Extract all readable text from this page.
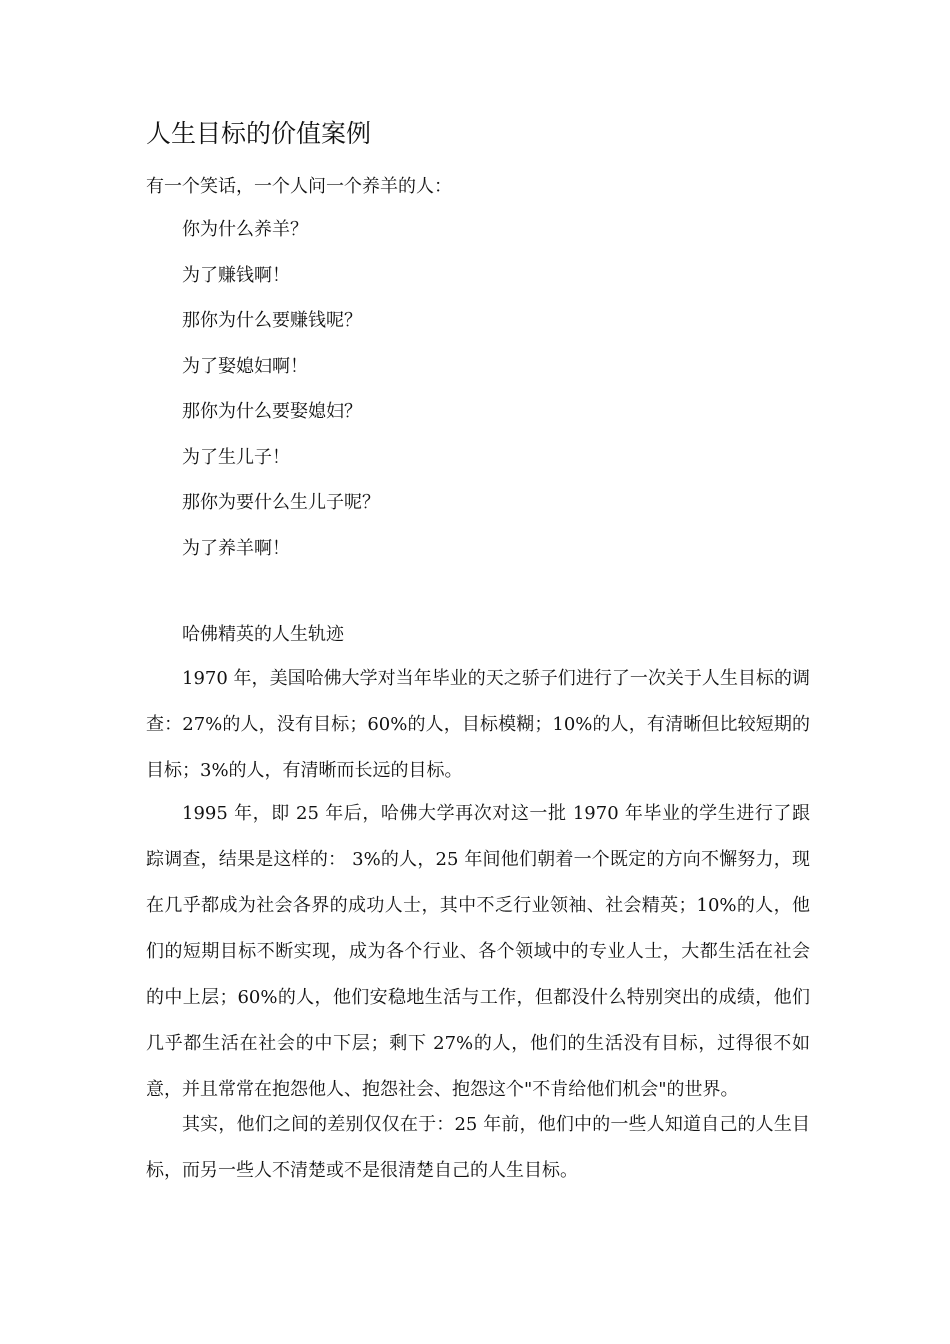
人生目标的价值案例
有一个笑话，一个人问一个养羊的人：
你为什么养羊？
为了赚钱啊！
那你为什么要赚钱呢？
为了娶媳妇啊！
那你为什么要娶媳妇？
为了生儿子！
那你为要什么生儿子呢？
为了养羊啊！
哈佛精英的人生轨迹

1970 年，美国哈佛大学对当年毕业的天之骄子们进行了一次关于人生目标的调查：27%的人，没有目标；60%的人，目标模糊；10%的人，有清晰但比较短期的目标；3%的人，有清晰而长远的目标。

1995 年，即 25 年后，哈佛大学再次对这一批 1970 年毕业的学生进行了跟踪调查，结果是这样的： 3%的人，25 年间他们朝着一个既定的方向不懈努力，现在几乎都成为社会各界的成功人士，其中不乏行业领袖、社会精英；10%的人，他们的短期目标不断实现，成为各个行业、各个领域中的专业人士，大都生活在社会的中上层；60%的人，他们安稳地生活与工作，但都没什么特别突出的成绩，他们几乎都生活在社会的中下层；剩下 27%的人，他们的生活没有目标，过得很不如意，并且常常在抱怨他人、抱怨社会、抱怨这个"不肯给他们机会"的世界。

其实，他们之间的差别仅仅在于：25 年前，他们中的一些人知道自己的人生目标，而另一些人不清楚或不是很清楚自己的人生目标。
